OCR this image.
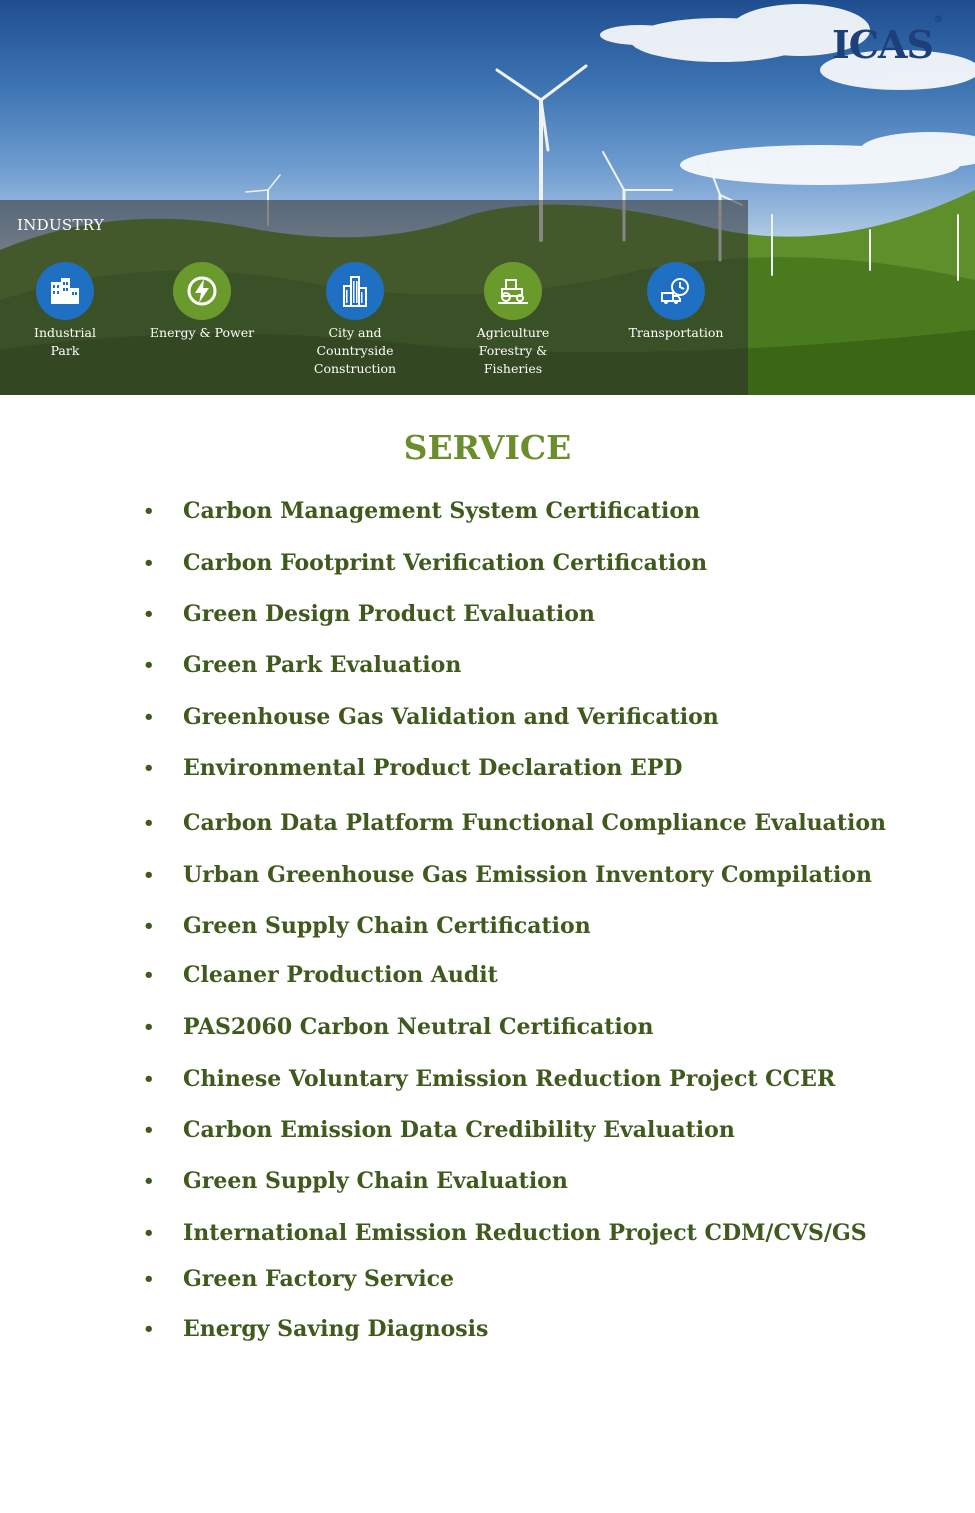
ICAS®
INDUSTRY
Industrial
Park
Energy & Power	City and
Countryside
Construction
Agriculture
Forestry &
Fisheries
Transportation
SERVICE
•	Carbon Management System Certification
•	Carbon Footprint Verification Certification
•	Green Design Product Evaluation
•	Green Park Evaluation
•	Greenhouse Gas Validation and Verification
•	Environmental Product Declaration EPD
•	Carbon Data Platform Functional Compliance Evaluation
•	Urban Greenhouse Gas Emission Inventory Compilation
•	Green Supply Chain Certification
•	Cleaner Production Audit
•	PAS2060 Carbon Neutral Certification
•	Chinese Voluntary Emission Reduction Project CCER
•	Carbon Emission Data Credibility Evaluation
•	Green Supply Chain Evaluation
•	International Emission Reduction Project CDM/CVS/GS
•	Green Factory Service
•	Energy Saving Diagnosis
